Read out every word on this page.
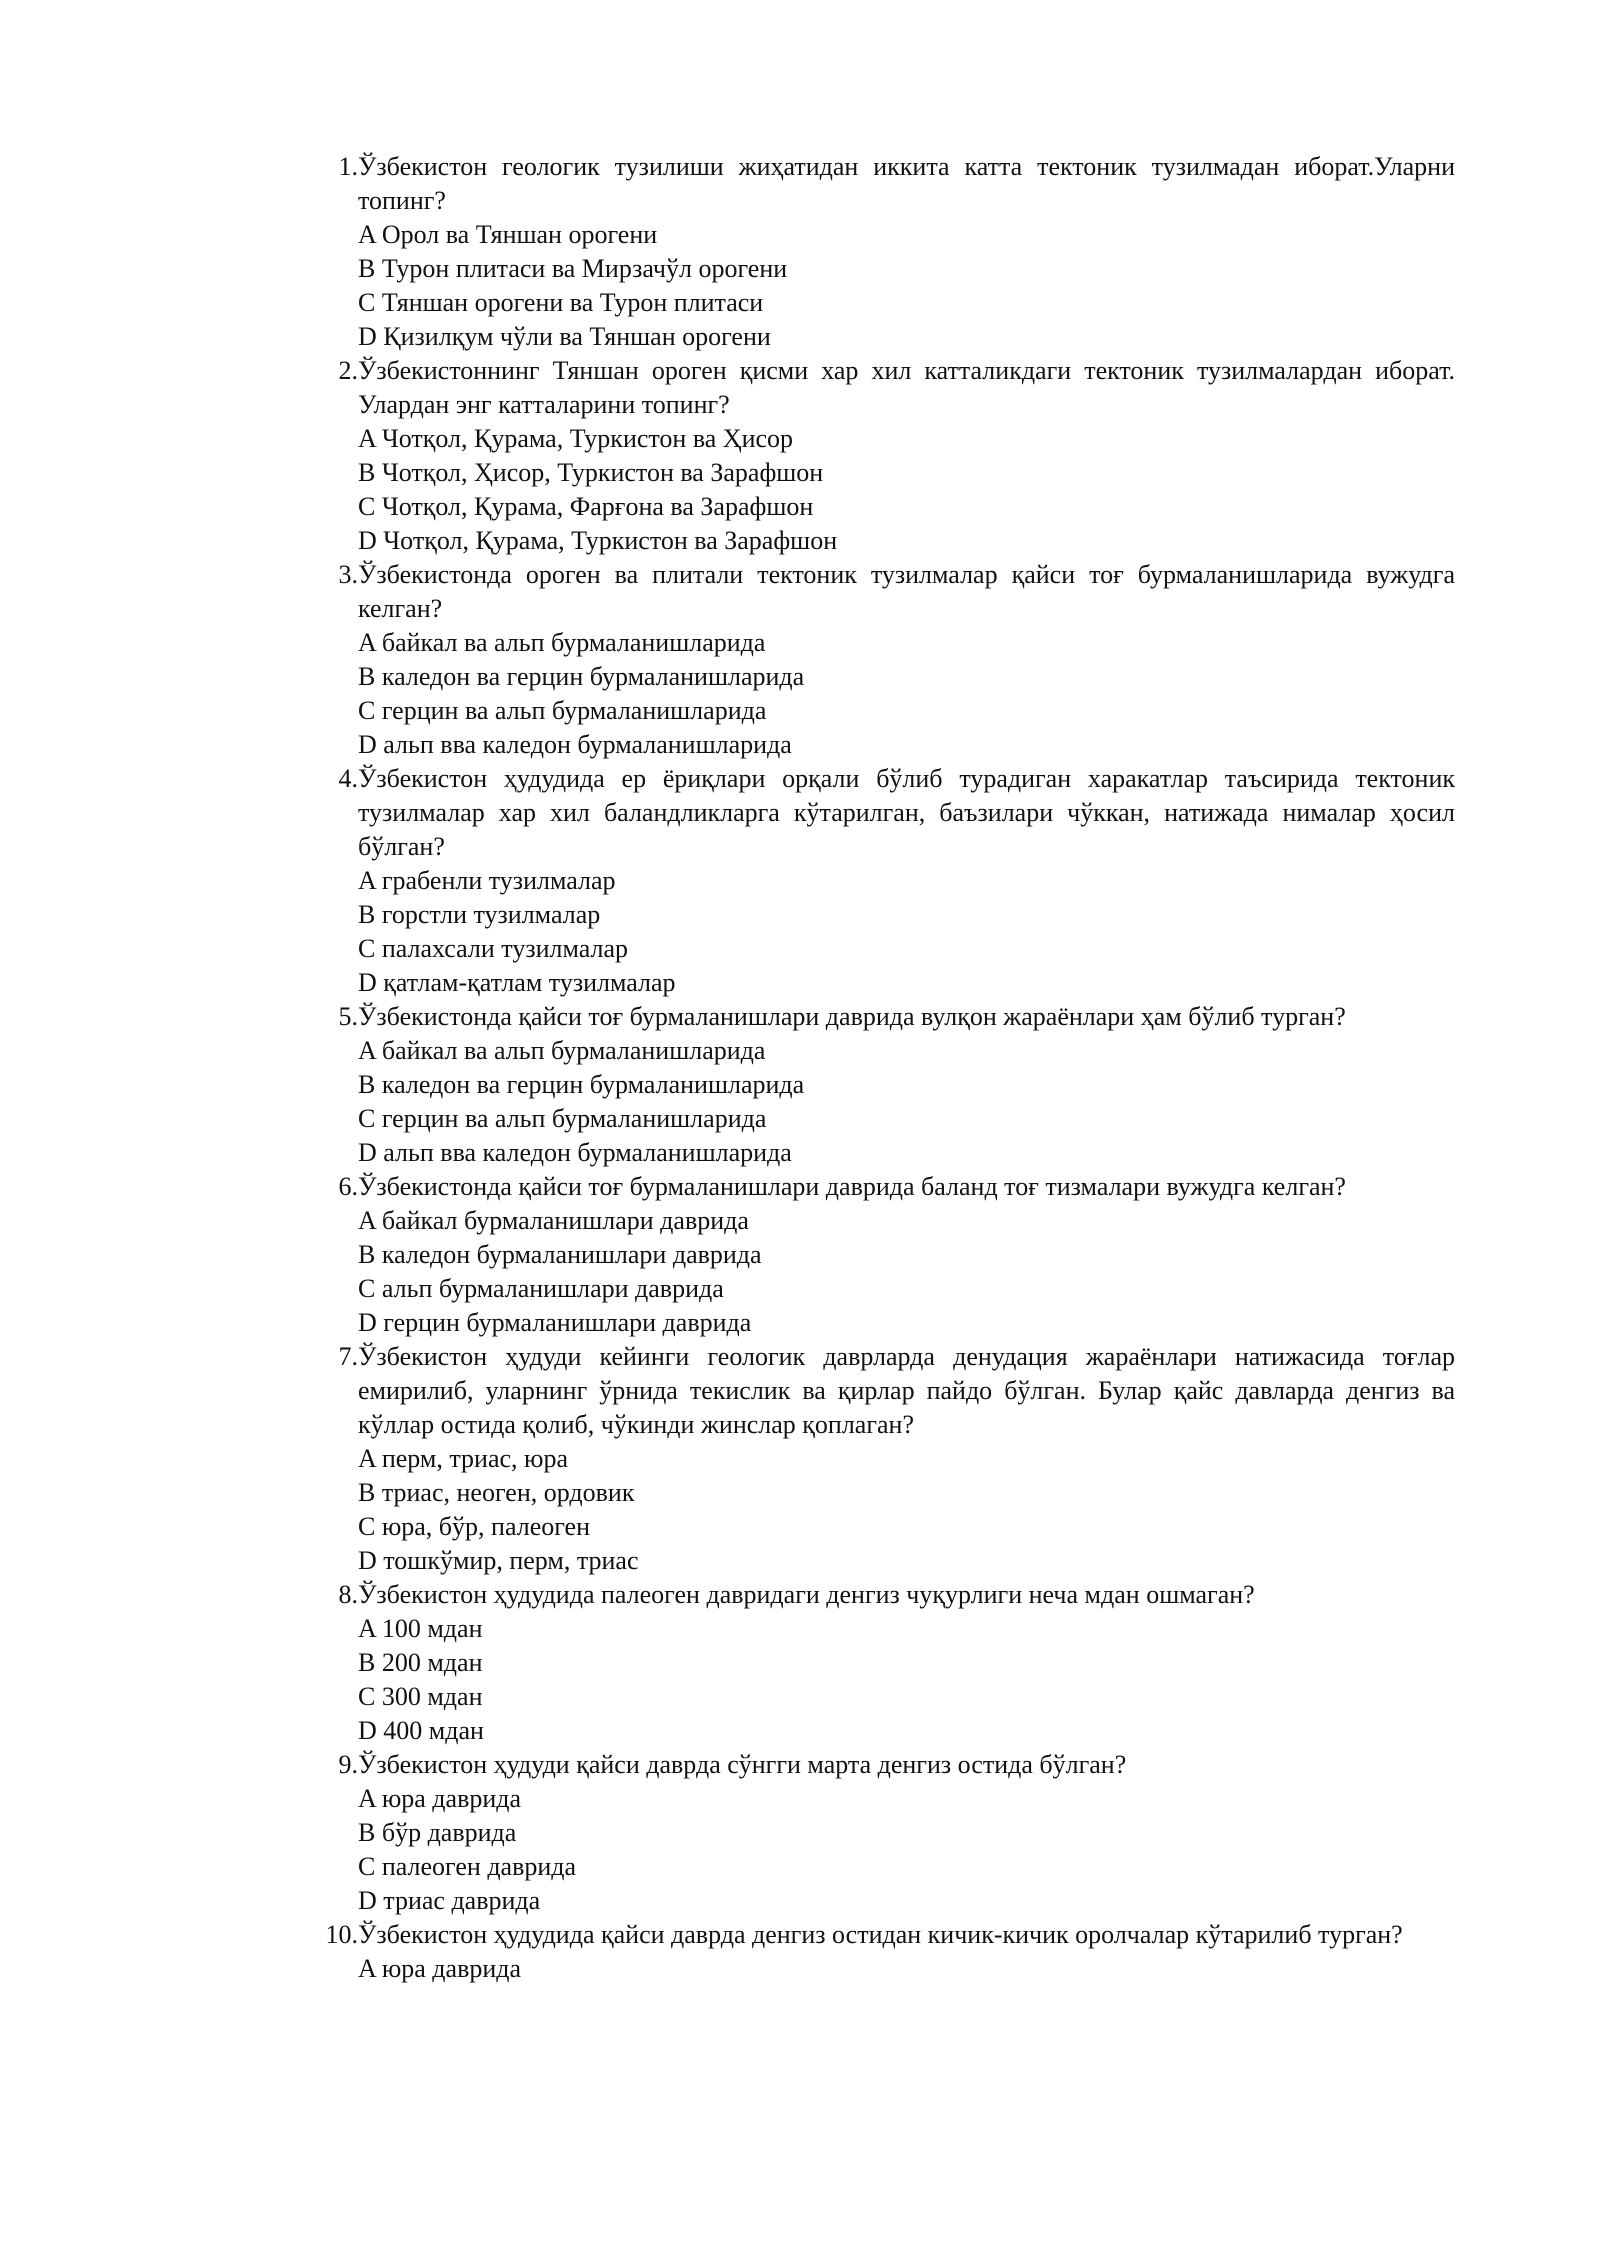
1. Ўзбекистон геологик тузилиши жиҳатидан иккита катта тектоник тузилмадан иборат.Уларни топинг?

A Орол ва Тяншан орогени
B Турон плитаси ва Мирзачўл орогени
C Тяншан орогени ва Турон плитаси
D Қизилқум чўли ва Тяншан орогени
2. Ўзбекистоннинг Тяншан ороген қисми хар хил катталикдаги тектоник тузилмалардан иборат. Улардан энг катталарини топинг?

A Чотқол, Қурама, Туркистон ва Ҳисор
B Чотқол, Ҳисор, Туркистон ва Зарафшон
C Чотқол, Қурама, Фарғона ва Зарафшон
D Чотқол, Қурама, Туркистон ва Зарафшон
3. Ўзбекистонда ороген ва плитали тектоник тузилмалар қайси тоғ бурмаланишларида вужудга келган?

A байкал ва альп бурмаланишларида
B каледон ва герцин бурмаланишларида
C герцин ва альп бурмаланишларида
D альп вва каледон бурмаланишларида
4. Ўзбекистон ҳудудида ер ёриқлари орқали бўлиб турадиган харакатлар таъсирида тектоник тузилмалар хар хил баландликларга кўтарилган, баъзилари чўккан, натижада нималар ҳосил бўлган?

A грабенли тузилмалар
B горстли тузилмалар
C палахсали тузилмалар
D қатлам-қатлам тузилмалар
5. Ўзбекистонда қайси тоғ бурмаланишлари даврида вулқон жараёнлари ҳам бўлиб турган?

A байкал ва альп бурмаланишларида
B каледон ва герцин бурмаланишларида
C герцин ва альп бурмаланишларида
D альп вва каледон бурмаланишларида
6. Ўзбекистонда қайси тоғ бурмаланишлари даврида баланд тоғ тизмалари вужудга келган?

A байкал бурмаланишлари даврида
B каледон бурмаланишлари даврида
C альп бурмаланишлари даврида
D герцин бурмаланишлари даврида
7. Ўзбекистон ҳудуди кейинги геологик даврларда денудация жараёнлари натижасида тоғлар емирилиб, уларнинг ўрнида текислик ва қирлар пайдо бўлган. Булар қайс давларда денгиз ва кўллар остида қолиб, чўкинди жинслар қоплаган?

A перм, триас, юра
B триас, неоген, ордовик
C юра, бўр, палеоген
D тошкўмир, перм, триас
8. Ўзбекистон ҳудудида палеоген давридаги денгиз чуқурлиги неча мдан ошмаган?

A 100 мдан
B 200 мдан
C 300 мдан
D 400 мдан
9. Ўзбекистон ҳудуди қайси даврда сўнгги марта денгиз остида бўлган?

A юра даврида
B бўр даврида
C палеоген даврида
D триас даврида
10. Ўзбекистон ҳудудида қайси даврда денгиз остидан кичик-кичик оролчалар кўтарилиб турган?

A юра даврида
